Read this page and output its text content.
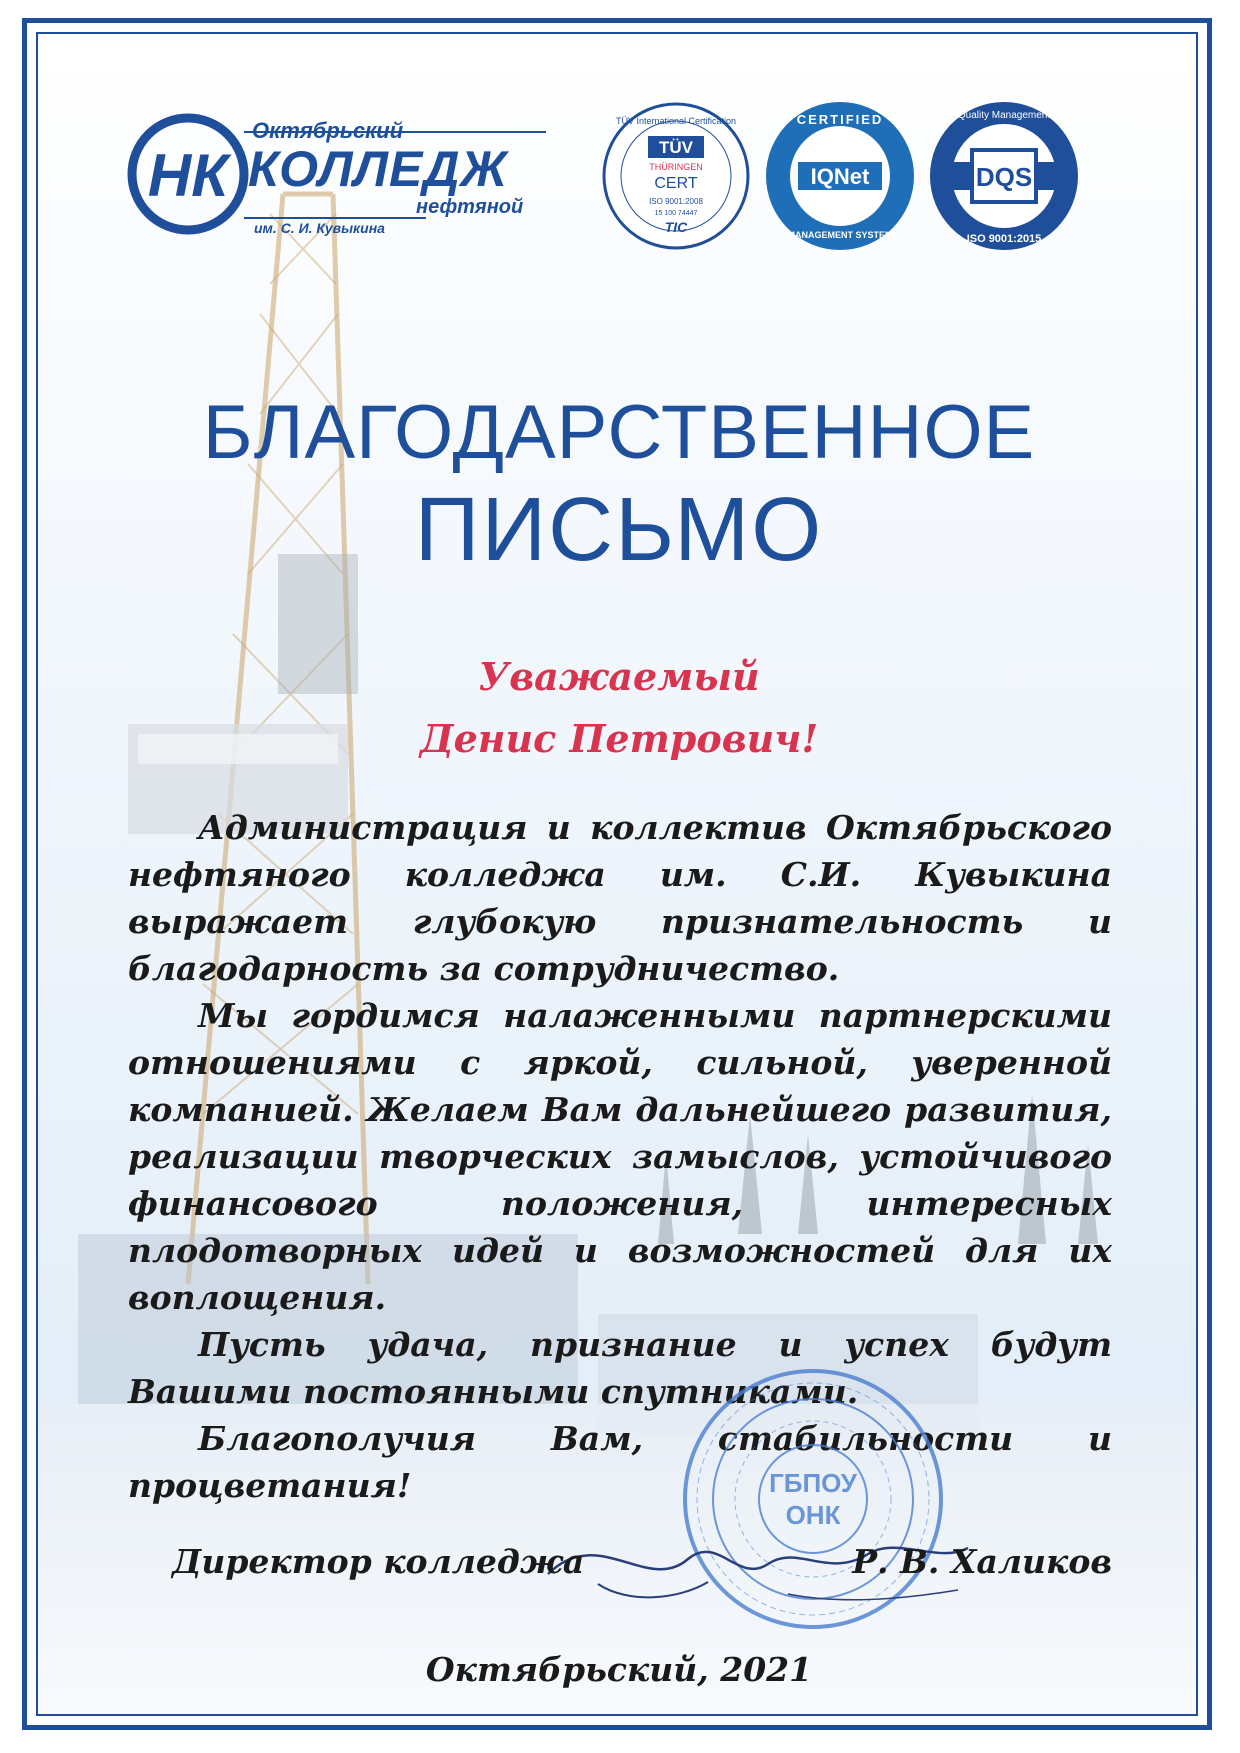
НК
Октябрьский
КОЛЛЕДЖ
нефтяной
им. С. И. Кувыкина
TÜV International Certification
TÜV
THÜRINGEN
CERT
ISO 9001:2008
15 100 74447
TIC
CERTIFIED
IQNet
MANAGEMENT SYSTEM
Quality Management
DQS
ISO 9001:2015
БЛАГОДАРСТВЕННОЕ
ПИСЬМО
Уважаемый
Денис Петрович!

Администрация и коллектив Октябрьского нефтяного колледжа им. С.И. Кувыкина выражает глубокую признательность и благодарность за сотрудничество.

Мы гордимся налаженными партнерскими отношениями с яркой, сильной, уверенной компанией. Желаем Вам дальнейшего развития, реализации творческих замыслов, устойчивого финансового положения, интересных плодотворных идей и возможностей для их воплощения.

Пусть удача, признание и успех будут Вашими постоянными спутниками.

Благополучия Вам, стабильности и процветания!	ГБПОУ
ОНК
Директор колледжа	Р. В. Халиков
Октябрьский, 2021
